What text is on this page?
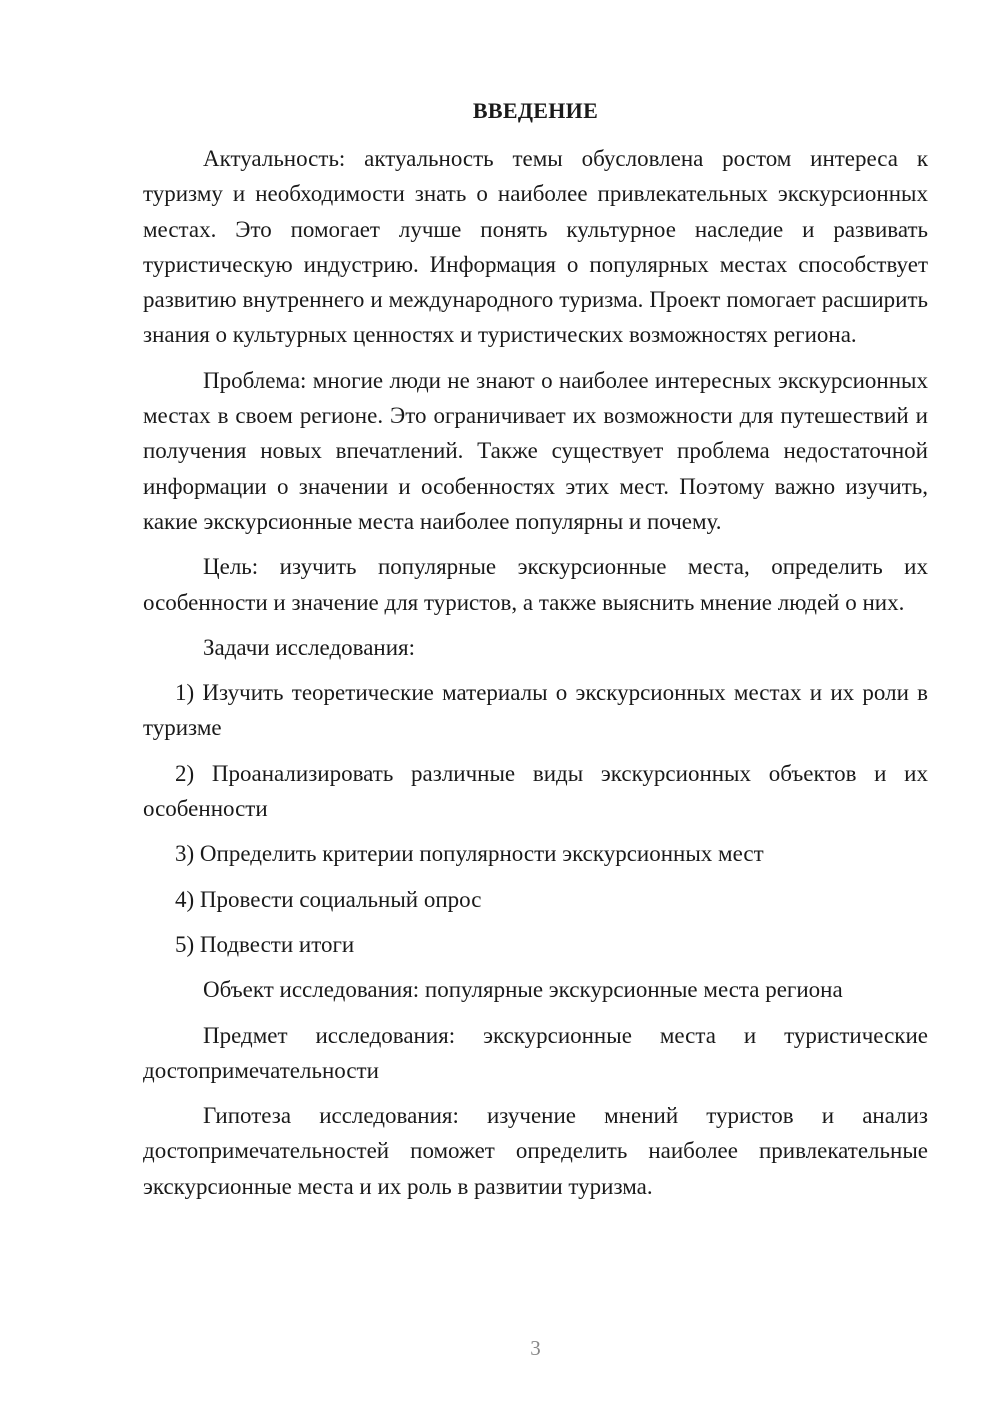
ВВЕДЕНИЕ

Актуальность: актуальность темы обусловлена ростом интереса к туризму и необходимости знать о наиболее привлекательных экскурсионных местах. Это помогает лучше понять культурное наследие и развивать туристическую индустрию. Информация о популярных местах способствует развитию внутреннего и международного туризма. Проект помогает расширить знания о культурных ценностях и туристических возможностях региона.

Проблема: многие люди не знают о наиболее интересных экскурсионных местах в своем регионе. Это ограничивает их возможности для путешествий и получения новых впечатлений. Также существует проблема недостаточной информации о значении и особенностях этих мест. Поэтому важно изучить, какие экскурсионные места наиболее популярны и почему.

Цель: изучить популярные экскурсионные места, определить их особенности и значение для туристов, а также выяснить мнение людей о них.

Задачи исследования:

1) Изучить теоретические материалы о экскурсионных местах и их роли в туризме

2) Проанализировать различные виды экскурсионных объектов и их особенности

3) Определить критерии популярности экскурсионных мест

4) Провести социальный опрос

5) Подвести итоги

Объект исследования: популярные экскурсионные места региона

Предмет исследования: экскурсионные места и туристические достопримечательности

Гипотеза исследования: изучение мнений туристов и анализ достопримечательностей поможет определить наиболее привлекательные экскурсионные места и их роль в развитии туризма.

3
